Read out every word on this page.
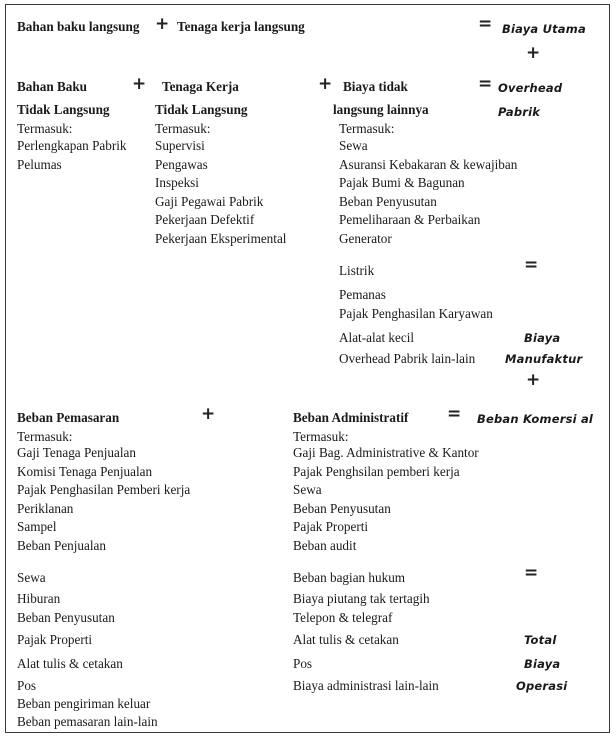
Bahan baku langsung + Tenaga kerja langsung	= Biaya Utama
+
Bahan Baku	+ Tenaga Kerja	+ Biaya tidak	= Overhead
Tidak Langsung	Tidak Langsung	langsung lainnya	Pabrik
Termasuk:
Perlengkapan Pabrik
Pelumas
Termasuk:
Supervisi
Pengawas
Inspeksi
Gaji Pegawai Pabrik
Pekerjaan Defektif
Pekerjaan Eksperimental
Termasuk:
Sewa
Asuransi Kebakaran & kewajiban
Pajak Bumi & Bagunan
Beban Penyusutan
Pemeliharaan & Perbaikan
Generator
Listrik
Pemanas
Pajak Penghasilan Karyawan
Alat-alat kecil
Overhead Pabrik lain-lain
=
Biaya
Manufaktur
+
Beban Pemasaran	+	Beban Administratif = Beban Komersi al
Termasuk:
Gaji Tenaga Penjualan
Komisi Tenaga Penjualan
Pajak Penghasilan Pemberi kerja
Periklanan
Sampel
Beban Penjualan
Sewa
Hiburan
Beban Penyusutan
Pajak Properti
Alat tulis & cetakan
Pos
Beban pengiriman keluar
Beban pemasaran lain-lain
Termasuk:
Gaji Bag. Administrative & Kantor
Pajak Penghsilan pemberi kerja
Sewa
Beban Penyusutan
Pajak Properti
Beban audit
Beban bagian hukum
Biaya piutang tak tertagih
Telepon & telegraf
Alat tulis & cetakan
Pos
Biaya administrasi lain-lain
=
Total
Biaya
Operasi
